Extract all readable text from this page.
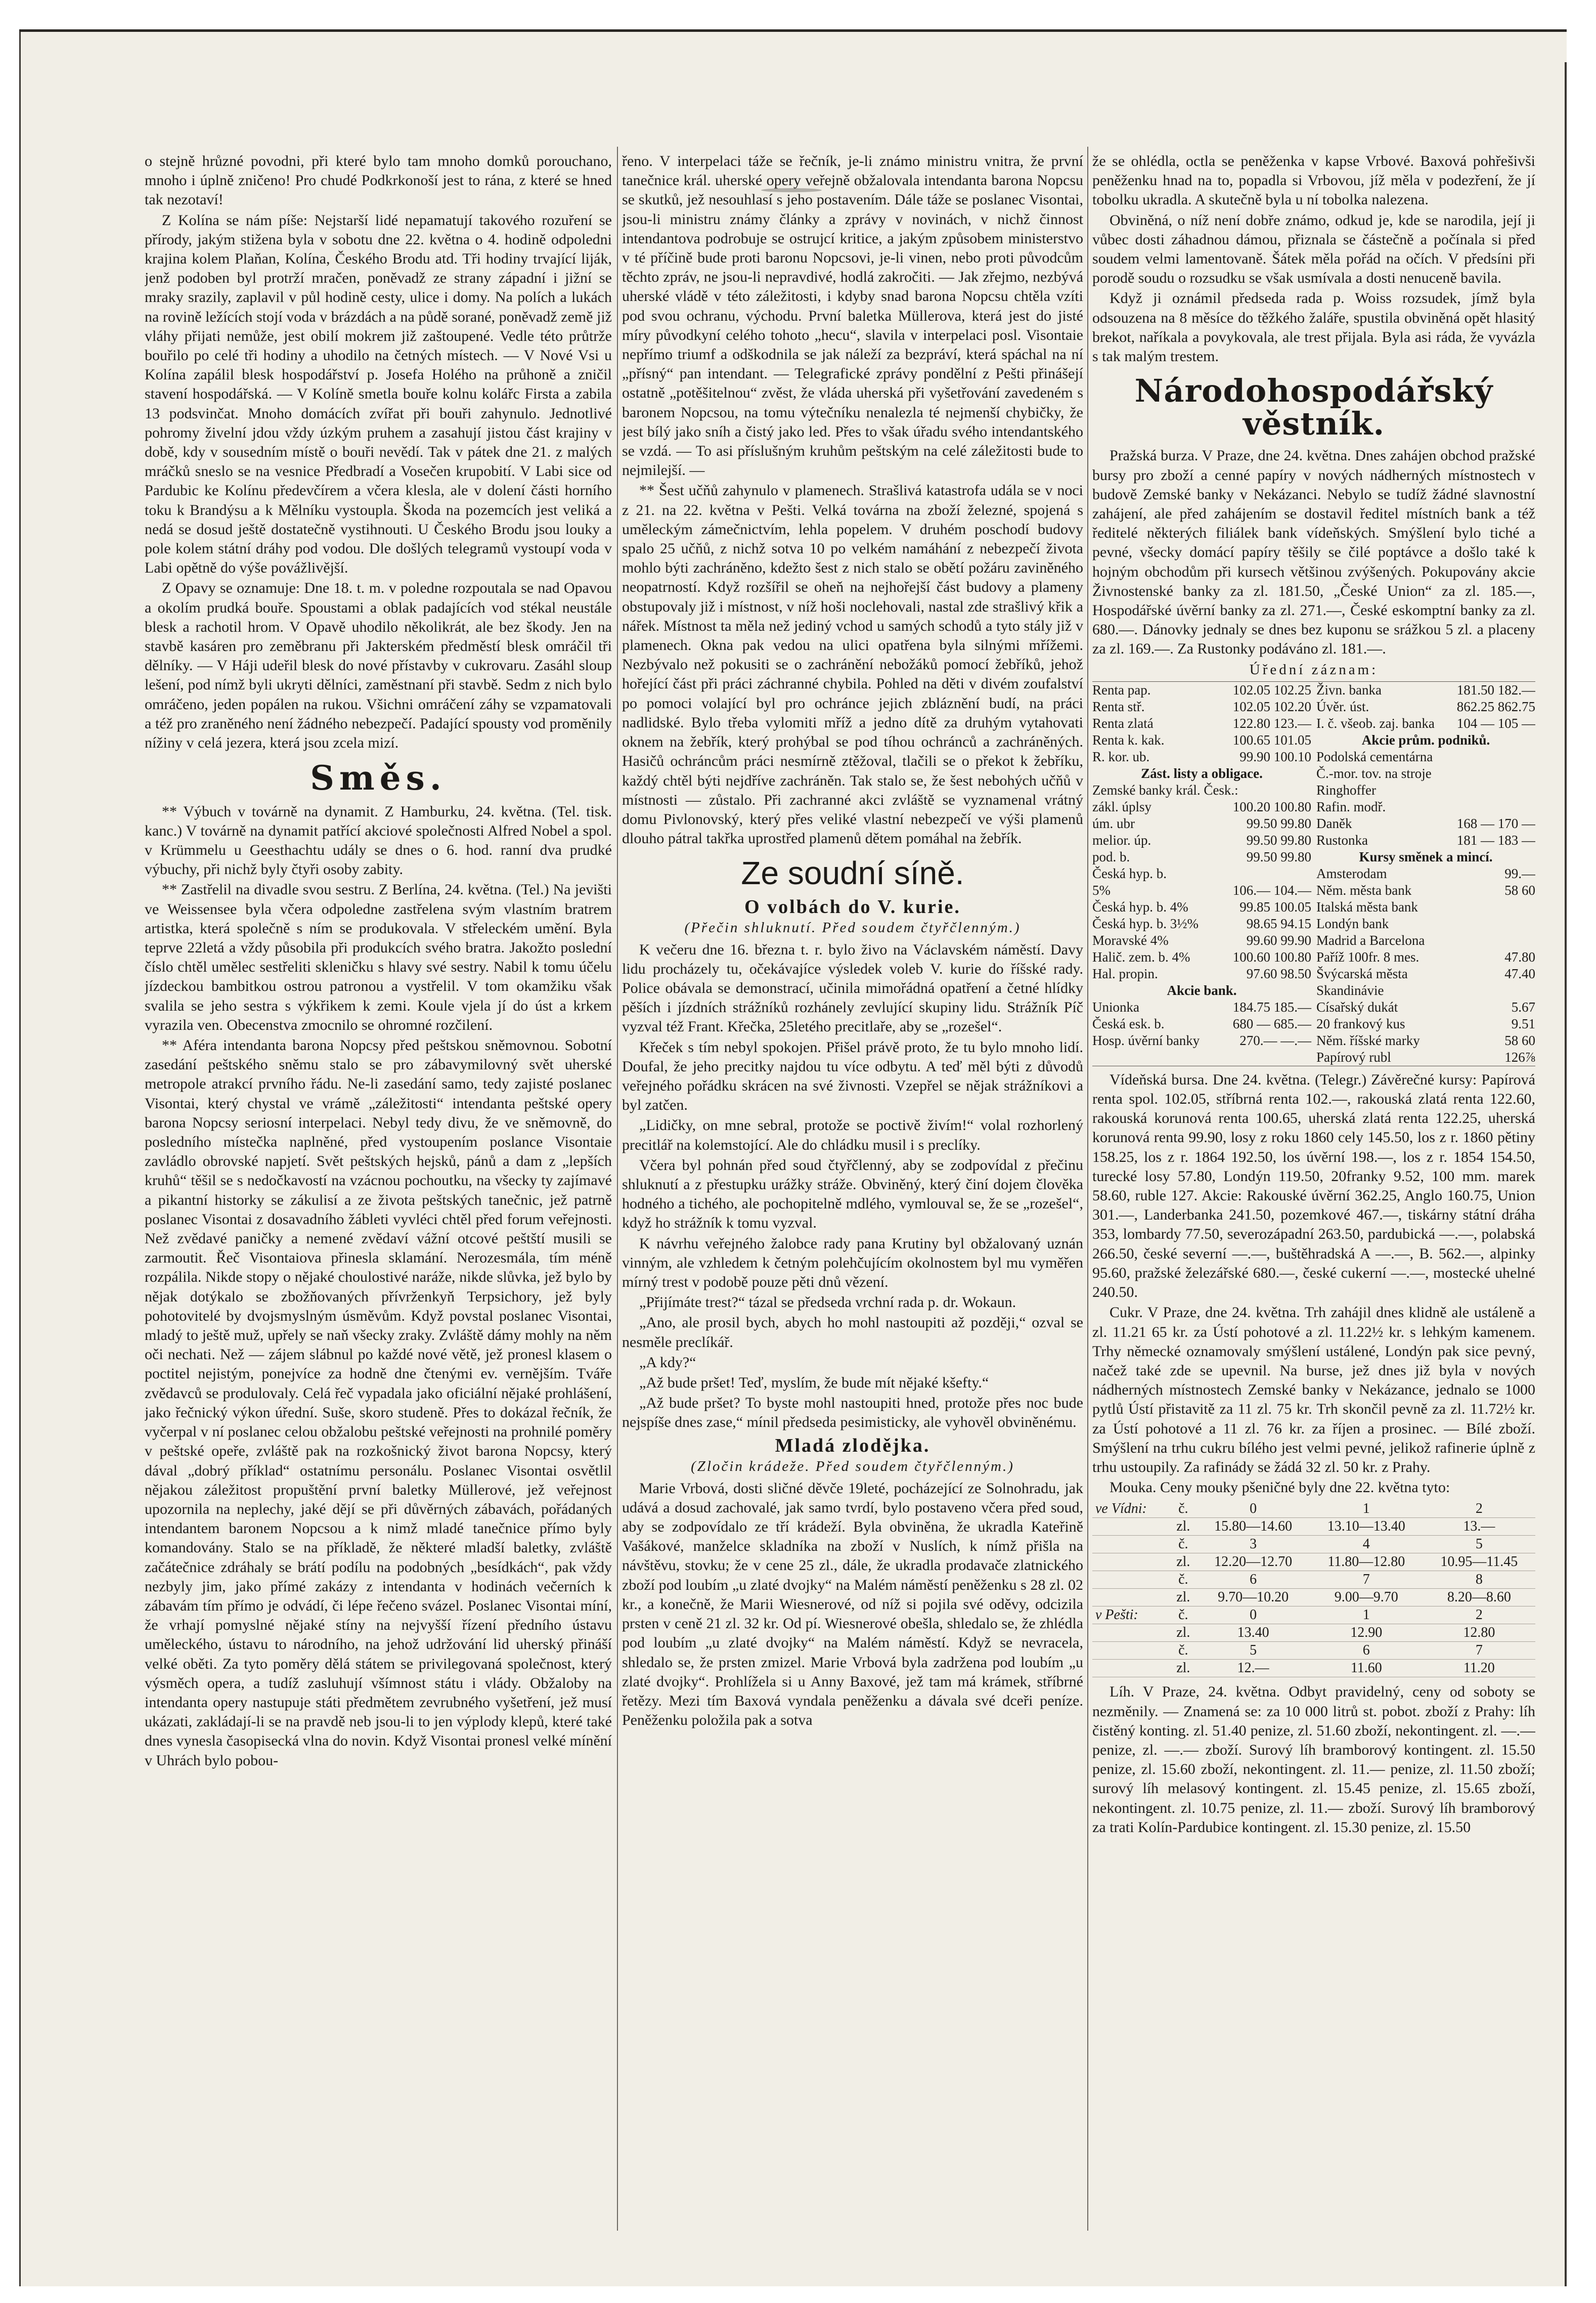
o stejně hrůzné povodni, při které bylo tam mnoho domků porouchano, mnoho i úplně zničeno! Pro chudé Podkrkonoší jest to rána, z které se hned tak nezotaví!

Z Kolína se nám píše: Nejstarší lidé nepamatují takového rozuření se přírody, jakým stižena byla v sobotu dne 22. května o 4. hodině odpoledni krajina kolem Plaňan, Kolína, Českého Brodu atd. Tři hodiny trvající liják, jenž podoben byl protrží mračen, poněvadž ze strany západní i jižní se mraky srazily, zaplavil v půl hodině cesty, ulice i domy. Na polích a lukách na rovině ležících stojí voda v brázdách a na půdě sorané, poněvadž země již vláhy přijati nemůže, jest obilí mokrem již zaštoupené. Vedle této průtrže bouřilo po celé tři hodiny a uhodilo na četných místech. — V Nové Vsi u Kolína zapálil blesk hospodářství p. Josefa Holého na průhoně a zničil stavení hospodářská. — V Kolíně smetla bouře kolnu kolářc Firsta a zabila 13 podsvinčat. Mnoho domácích zvířat při bouři zahynulo. Jednotlivé pohromy živelní jdou vždy úzkým pruhem a zasahují jistou část krajiny v době, kdy v sousedním místě o bouři nevědí. Tak v pátek dne 21. z malých mráčků sneslo se na vesnice Předbradí a Vosečen krupobití. V Labi sice od Pardubic ke Kolínu předevčírem a včera klesla, ale v dolení části horního toku k Brandýsu a k Mělníku vystoupla. Škoda na pozemcích jest veliká a nedá se dosud ještě dostatečně vystihnouti. U Českého Brodu jsou louky a pole kolem státní dráhy pod vodou. Dle došlých telegramů vystoupí voda v Labi opětně do výše povážlivější.

Z Opavy se oznamuje: Dne 18. t. m. v poledne rozpoutala se nad Opavou a okolím prudká bouře. Spoustami a oblak padajících vod stékal neustále blesk a rachotil hrom. V Opavě uhodilo několikrát, ale bez škody. Jen na stavbě kasáren pro zeměbranu při Jakterském předměstí blesk omráčil tři dělníky. — V Háji udeřil blesk do nové přístavby v cukrovaru. Zasáhl sloup lešení, pod nímž byli ukryti dělníci, zaměstnaní při stavbě. Sedm z nich bylo omráčeno, jeden popálen na rukou. Všichni omráčení záhy se vzpamatovali a též pro zraněného není žádného nebezpečí. Padající spousty vod proměnily nížiny v celá jezera, která jsou zcela mizí.

Směs.

** Výbuch v továrně na dynamit. Z Hamburku, 24. května. (Tel. tisk. kanc.) V továrně na dynamit patřící akciové společnosti Alfred Nobel a spol. v Krümmelu u Geesthachtu udály se dnes o 6. hod. ranní dva prudké výbuchy, při nichž byly čtyři osoby zabity.

** Zastřelil na divadle svou sestru. Z Berlína, 24. května. (Tel.) Na jevišti ve Weissensee byla včera odpoledne zastřelena svým vlastním bratrem artistka, která společně s ním se produkovala. V střeleckém umění. Byla teprve 22letá a vždy působila při produkcích svého bratra. Jakožto poslední číslo chtěl umělec sestřeliti skleničku s hlavy své sestry. Nabil k tomu účelu jízdeckou bambitkou ostrou patronou a vystřelil. V tom okamžiku však svalila se jeho sestra s výkřikem k zemi. Koule vjela jí do úst a krkem vyrazila ven. Obecenstva zmocnilo se ohromné rozčilení.

** Aféra intendanta barona Nopcsy před peštskou sněmovnou. Sobotní zasedání peštského sněmu stalo se pro zábavymilovný svět uherské metropole atrakcí prvního řádu. Ne-li zasedání samo, tedy zajisté poslanec Visontai, který chystal ve vrámě „záležitosti“ intendanta peštské opery barona Nopcsy seriosní interpelaci. Nebyl tedy divu, že ve sněmovně, do posledního místečka naplněné, před vystoupením poslance Visontaie zavládlo obrovské napjetí. Svět peštských hejsků, pánů a dam z „lepších kruhů“ těšil se s nedočkavostí na vzácnou pochoutku, na všecky ty zajímavé a pikantní historky se zákulisí a ze života peštských tanečnic, jež patrně poslanec Visontai z dosavadního žábleti vyvléci chtěl před forum veřejnosti. Než zvědavé paničky a nemené zvědaví vážní otcové peštští musili se zarmoutit. Řeč Visontaiova přinesla sklamání. Nerozesmála, tím méně rozpálila. Nikde stopy o nějaké choulostivé naráže, nikde slůvka, jež bylo by nějak dotýkalo se zbožňovaných přívrženkyň Terpsichory, jež byly pohotovitelé by dvojsmyslným úsměvům. Když povstal poslanec Visontai, mladý to ještě muž, upřely se naň všecky zraky. Zvláště dámy mohly na něm oči nechati. Než — zájem slábnul po každé nové větě, jež pronesl klasem o poctitel nejistým, ponejvíce za hodně dne čtenými ev. vernějším. Tváře zvědavců se produlovaly. Celá řeč vypadala jako oficiální nějaké prohlášení, jako řečnický výkon úřední. Suše, skoro studeně. Přes to dokázal řečník, že vyčerpal v ní poslanec celou obžalobu peštské veřejnosti na prohnilé poměry v peštské opeře, zvláště pak na rozkošnický život barona Nopcsy, který dával „dobrý příklad“ ostatnímu personálu. Poslanec Visontai osvětlil nějakou záležitost propuštění první baletky Müllerové, jež veřejnost upozornila na neplechy, jaké dějí se při důvěrných zábavách, pořádaných intendantem baronem Nopcsou a k nimž mladé tanečnice přímo byly komandovány. Stalo se na příkladě, že některé mladší baletky, zvláště začátečnice zdráhaly se brátí podílu na podobných „besídkách“, pak vždy nezbyly jim, jako přímé zakázy z intendanta v hodinách večerních k zábavám tím přímo je odvádí, či lépe řečeno svázel. Poslanec Visontai míní, že vrhají pomyslné nějaké stíny na nejvyšší řízení předního ústavu uměleckého, ústavu to národního, na jehož udržování lid uherský přináší velké oběti. Za tyto poměry dělá státem se privilegovaná společnost, který výsměch opera, a tudíž zasluhují všímnost státu i vlády. Obžaloby na intendanta opery nastupuje státi předmětem zevrubného vyšetření, jež musí ukázati, zakládají-li se na pravdě neb jsou-li to jen výplody klepů, které také dnes vynesla časopisecká vlna do novin. Když Visontai pronesl velké mínění v Uhrách bylo pobou-

řeno. V interpelaci táže se řečník, je-li známo ministru vnitra, že první tanečnice král. uherské opery veřejně obžalovala intendanta barona Nopcsu se skutků, jež nesouhlasí s jeho postavením. Dále táže se poslanec Visontai, jsou-li ministru známy články a zprávy v novinách, v nichž činnost intendantova podrobuje se ostrujcí kritice, a jakým způsobem ministerstvo v té příčině bude proti baronu Nopcsovi, je-li vinen, nebo proti původcům těchto zpráv, ne jsou-li nepravdivé, hodlá zakročiti. — Jak zřejmo, nezbývá uherské vládě v této záležitosti, i kdyby snad barona Nopcsu chtěla vzíti pod svou ochranu, východu. První baletka Müllerova, která jest do jisté míry původkyní celého tohoto „hecu“, slavila v interpelaci posl. Visontaie nepřímo triumf a odškodnila se jak náleží za bezpráví, která spáchal na ní „přísný“ pan intendant. — Telegrafické zprávy pondělní z Pešti přinášejí ostatně „potěšitelnou“ zvěst, že vláda uherská při vyšetřování zavedeném s baronem Nopcsou, na tomu výtečníku nenalezla té nejmenší chybičky, že jest bílý jako sníh a čistý jako led. Přes to však úřadu svého intendantského se vzdá. — To asi příslušným kruhům peštským na celé záležitosti bude to nejmilejší. —

** Šest učňů zahynulo v plamenech. Strašlivá katastrofa udála se v noci z 21. na 22. května v Pešti. Velká továrna na zboží železné, spojená s uměleckým zámečnictvím, lehla popelem. V druhém poschodí budovy spalo 25 učňů, z nichž sotva 10 po velkém namáhání z nebezpečí života mohlo býti zachráněno, kdežto šest z nich stalo se obětí požáru zaviněného neopatrností. Když rozšířil se oheň na nejhořejší část budovy a plameny obstupovaly již i místnost, v níž hoši noclehovali, nastal zde strašlivý křik a nářek. Místnost ta měla než jediný vchod u samých schodů a tyto stály již v plamenech. Okna pak vedou na ulici opatřena byla silnými mřížemi. Nezbývalo než pokusiti se o zachránění nebožáků pomocí žebříků, jehož hořející část při práci záchranné chybila. Pohled na děti v divém zoufalství po pomoci volající byl pro ochránce jejich zbláznění budí, na práci nadlidské. Bylo třeba vylomiti mříž a jedno dítě za druhým vytahovati oknem na žebřík, který prohýbal se pod tíhou ochránců a zachráněných. Hasičů ochráncům práci nesmírně ztěžoval, tlačili se o překot k žebříku, každý chtěl býti nejdříve zachráněn. Tak stalo se, že šest nebohých učňů v místnosti — zůstalo. Při zachranné akci zvláště se vyznamenal vrátný domu Pivlonovský, který přes veliké vlastní nebezpečí ve výši plamenů dlouho pátral takřka uprostřed plamenů dětem pomáhal na žebřík.

Ze soudní síně.
O volbách do V. kurie.
(Přečin shluknutí. Před soudem čtyřčlenným.)

K večeru dne 16. března t. r. bylo živo na Václavském náměstí. Davy lidu procházely tu, očekávajíce výsledek voleb V. kurie do říšské rady. Police obávala se demonstrací, učinila mimořádná opatření a četné hlídky pěších i jízdních strážníků rozhánely zevlující skupiny lidu. Strážník Píč vyzval též Frant. Křečka, 25letého precitlaře, aby se „rozešel“.

Křeček s tím nebyl spokojen. Přišel právě proto, že tu bylo mnoho lidí. Doufal, že jeho precitky najdou tu více odbytu. A teď měl býti z důvodů veřejného pořádku skrácen na své živnosti. Vzepřel se nějak strážníkovi a byl zatčen.

„Lidičky, on mne sebral, protože se poctivě živím!“ volal rozhorlený precitlář na kolemstojící. Ale do chládku musil i s preclíky.

Včera byl pohnán před soud čtyřčlenný, aby se zodpovídal z přečinu shluknutí a z přestupku urážky stráže. Obviněný, který činí dojem člověka hodného a tichého, ale pochopitelně mdlého, vymlouval se, že se „rozešel“, když ho strážník k tomu vyzval.

K návrhu veřejného žalobce rady pana Krutiny byl obžalovaný uznán vinným, ale vzhledem k četným polehčujícím okolnostem byl mu vyměřen mírný trest v podobě pouze pěti dnů vězení.

„Přijímáte trest?“ tázal se předseda vrchní rada p. dr. Wokaun.

„Ano, ale prosil bych, abych ho mohl nastoupiti až později,“ ozval se nesměle preclíkář.

„A kdy?“

„Až bude pršet! Teď, myslím, že bude mít nějaké kšefty.“

„Až bude pršet? To byste mohl nastoupiti hned, protože přes noc bude nejspíše dnes zase,“ mínil předseda pesimisticky, ale vyhověl obviněnému.

Mladá zlodějka.
(Zločin krádeže. Před soudem čtyřčlenným.)

Marie Vrbová, dosti sličné děvče 19leté, pocházející ze Solnohradu, jak udává a dosud zachovalé, jak samo tvrdí, bylo postaveno včera před soud, aby se zodpovídalo ze tří krádeží. Byla obviněna, že ukradla Kateřině Vašákové, manželce skladníka na zboží v Nuslích, k nímž přišla na návštěvu, stovku; že v cene 25 zl., dále, že ukradla prodavače zlatnického zboží pod loubím „u zlaté dvojky“ na Malém náměstí peněženku s 28 zl. 02 kr., a konečně, že Marii Wiesnerové, od níž si pojila své oděvy, odcizila prsten v ceně 21 zl. 32 kr. Od pí. Wiesnerové obešla, shledalo se, že zhlédla pod loubím „u zlaté dvojky“ na Malém náměstí. Když se nevracela, shledalo se, že prsten zmizel. Marie Vrbová byla zadržena pod loubím „u zlaté dvojky“. Prohlížela si u Anny Baxové, jež tam má krámek, stříbrné řetězy. Mezi tím Baxová vyndala peněženku a dávala své dceři peníze. Peněženku položila pak a sotva

že se ohlédla, octla se peněženka v kapse Vrbové. Baxová pohřešivši peněženku hnad na to, popadla si Vrbovou, jíž měla v podezření, že jí tobolku ukradla. A skutečně byla u ní tobolka nalezena.

Obviněná, o níž není dobře známo, odkud je, kde se narodila, její ji vůbec dosti záhadnou dámou, přiznala se částečně a počínala si před soudem velmi lamentovaně. Šátek měla pořád na očích. V předsíni při porodě soudu o rozsudku se však usmívala a dosti nenuceně bavila.

Když ji oznámil předseda rada p. Woiss rozsudek, jímž byla odsouzena na 8 měsíce do těžkého žaláře, spustila obviněná opět hlasitý brekot, naříkala a povykovala, ale trest přijala. Byla asi ráda, že vyvázla s tak malým trestem.

Národohospodářský věstník.

Pražská burza. V Praze, dne 24. května. Dnes zahájen obchod pražské bursy pro zboží a cenné papíry v nových nádherných místnostech v budově Zemské banky v Nekázanci. Nebylo se tudíž žádné slavnostní zahájení, ale před zahájením se dostavil ředitel místních bank a též ředitelé některých filiálek bank vídeňských. Smýšlení bylo tiché a pevné, všecky domácí papíry těšily se čilé poptávce a došlo také k hojným obchodům při kursech většinou zvýšených. Pokupovány akcie Živnostenské banky za zl. 181.50, „České Union“ za zl. 185.—, Hospodářské úvěrní banky za zl. 271.—, České eskomptní banky za zl. 680.—. Dánovky jednaly se dnes bez kuponu se srážkou 5 zl. a placeny za zl. 169.—. Za Rustonky podáváno zl. 181.—.

Úřední záznam:
Renta pap.	102.05 102.25
Renta stř.	102.05 102.20
Renta zlatá	122.80 123.—
Renta k. kak.	100.65 101.05
R. kor. ub.	99.90 100.10
Zást. listy a obligace.
Zemské banky král. Česk.:
zákl. úplsy	100.20 100.80
úm. ubr	99.50 99.80
melior. úp.	99.50 99.80
pod. b.	99.50 99.80
Česká hyp. b.
5%	106.— 104.—
Česká hyp. b. 4%	99.85 100.05
Česká hyp. b. 3½%	98.65 94.15
Moravské 4%	99.60 99.90
Halič. zem. b. 4%	100.60 100.80
Hal. propin.	97.60 98.50
Akcie bank.
Unionka	184.75 185.—
Česká esk. b.	680 — 685.—
Hosp. úvěrní banky	270.— —.—
Živn. banka	181.50 182.—
Úvěr. úst.	862.25 862.75
I. č. všeob. zaj. banka	104 — 105 —
Akcie prům. podniků.
Podolská cementárna
Č.-mor. tov. na stroje
Ringhoffer
Rafin. modř.
Daněk	168 — 170 —
Rustonka	181 — 183 —
Kursy směnek a mincí.
Amsterodam	99.—
Něm. města bank	58 60
Italská města bank
Londýn bank
Madrid a Barcelona
Paříž 100fr. 8 mes.	47.80
Švýcarská města	47.40
Skandinávie
Císařský dukát	5.67
20 frankový kus	9.51
Něm. říšské marky	58 60
Papírový rubl	126⅞

Vídeňská bursa. Dne 24. května. (Telegr.) Závěrečné kursy: Papírová renta spol. 102.05, stříbrná renta 102.—, rakouská zlatá renta 122.60, rakouská korunová renta 100.65, uherská zlatá renta 122.25, uherská korunová renta 99.90, losy z roku 1860 cely 145.50, los z r. 1860 pětiny 158.25, los z r. 1864 192.50, los úvěrní 198.—, los z r. 1854 154.50, turecké losy 57.80, Londýn 119.50, 20franky 9.52, 100 mm. marek 58.60, ruble 127. Akcie: Rakouské úvěrní 362.25, Anglo 160.75, Union 301.—, Landerbanka 241.50, pozemkové 467.—, tiskárny státní dráha 353, lombardy 77.50, severozápadní 263.50, pardubická —.—, polabská 266.50, české severní —.—, buštěhradská A —.—, B. 562.—, alpinky 95.60, pražské železářské 680.—, české cukerní —.—, mostecké uhelné 240.50.

Cukr. V Praze, dne 24. května. Trh zahájil dnes klidně ale ustáleně a zl. 11.21 65 kr. za Ústí pohotové a zl. 11.22½ kr. s lehkým kamenem. Trhy německé oznamovaly smýšlení ustálené, Londýn pak sice pevný, načež také zde se upevnil. Na burse, jež dnes již byla v nových nádherných místnostech Zemské banky v Nekázance, jednalo se 1000 pytlů Ústí přistavitě za 11 zl. 75 kr. Trh skončil pevně za zl. 11.72½ kr. za Ústí pohotové a 11 zl. 76 kr. za říjen a prosinec. — Bílé zboží. Smýšlení na trhu cukru bílého jest velmi pevné, jelikož rafinerie úplně z trhu ustoupily. Za rafinády se žádá 32 zl. 50 kr. z Prahy.

Mouka. Ceny mouky pšeničné byly dne 22. května tyto:

ve Vídni:	č.	0	1	2
	zl.	15.80—14.60	13.10—13.40	13.—
	č.	3	4	5
	zl.	12.20—12.70	11.80—12.80	10.95—11.45
	č.	6	7	8
	zl.	9.70—10.20	9.00—9.70	8.20—8.60
v Pešti:	č.	0	1	2
	zl.	13.40	12.90	12.80
	č.	5	6	7
	zl.	12.—	11.60	11.20

Líh. V Praze, 24. května. Odbyt pravidelný, ceny od soboty se nezměnily. — Znamená se: za 10 000 litrů st. pobot. zboží z Prahy: líh čistěný konting. zl. 51.40 penize, zl. 51.60 zboží, nekontingent. zl. —.— penize, zl. —.— zboží. Surový líh bramborový kontingent. zl. 15.50 penize, zl. 15.60 zboží, nekontingent. zl. 11.— penize, zl. 11.50 zboží; surový líh melasový kontingent. zl. 15.45 penize, zl. 15.65 zboží, nekontingent. zl. 10.75 penize, zl. 11.— zboží. Surový líh bramborový za trati Kolín-Pardubice kontingent. zl. 15.30 penize, zl. 15.50
